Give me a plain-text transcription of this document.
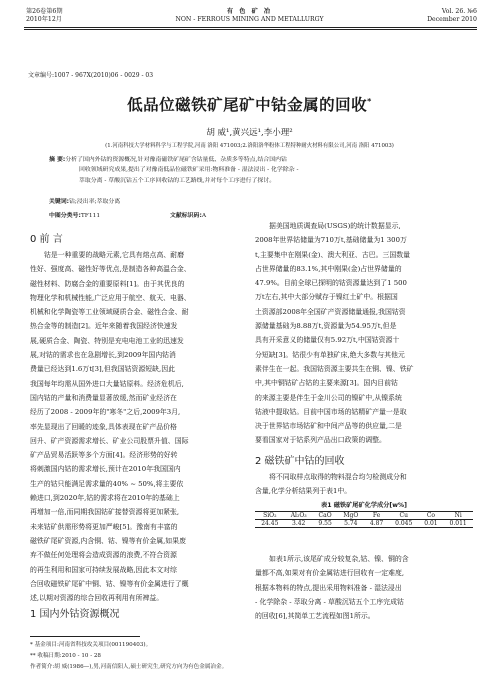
第26卷第6期
2010年12月
有 色 矿 冶
NON - FERROUS MINING AND METALLURGY
Vol. 26. №6
December 2010
文章编号:1007 - 967X(2010)06 - 0029 - 03
低品位磁铁矿尾矿中钴金属的回收*
胡 威¹,黄兴远¹,李小理²
(1.河南科技大学材料科学与工程学院,河南 洛阳 471003;2.洛阳洛华粉体工程特种耐火材料有限公司,河南 洛阳 471003)
摘 要:分析了国内外钴的资源概况,针对豫南磁铁矿尾矿含钴量低、杂质多等特点,结合国内钴
回收领域研究成果,提出了对豫南低品位磁铁矿采用:物料准备 - 湿法浸出 - 化学除杂 -
萃取分离 - 草酸沉钴五个工序回收钴的工艺路线,并对每个工序进行了探讨。
关键词:钴;浸出率;萃取分离
中图分类号:TF111	文献标识码:A
0 前 言
钴是一种重要的战略元素,它具有熔点高、耐磨
性好、强度高、磁性好等优点,是制造各种高温合金、
磁性材料、防腐合金的重要原料[1]。由于其优良的
物理化学和机械性能,广泛应用于航空、航天、电器、
机械和化学陶瓷等工业领域硬质合金、磁性合金、耐
热合金等的制造[2]。近年来随着我国经济快速发
展,硬质合金、陶瓷、特别是充电电池工业的迅速发
展,对钴的需求也在急剧增长,到2009年国内钴消
费量已经达到1.6万t[3],但我国钴资源短缺,因此
我国每年均需从国外进口大量钴原料。经济危机后,
国内钴的产量和消费量显著放缓,然而矿业经济在
经历了2008 - 2009年的"寒冬"之后,2009年3月,
率先显现出了回暖的迹象,具体表现在矿产品价格
回升、矿产资源需求增长、矿业公司股票升值、国际
矿产品贸易活跃等多个方面[4]。经济形势的好转
将刺激国内钴的需求增长,预计在2010年我国国内
生产的钴只能满足需求量的40% ~ 50%,将主要依
赖进口,到2020年,钴的需求将在2010年的基础上
再增加一倍,而同期我国钴矿接替资源将更加紧张,
未来钴矿供需形势将更加严峻[5]。豫南有丰富的
磁铁矿尾矿资源,内含铜、钴、镍等有价金属,如果废
弃不做任何处理将会造成资源的浪费,不符合资源
的再生利用和国家可持续发展战略,因此本文对综
合回收磁铁矿尾矿中铜、钴、镍等有价金属进行了概
述,以期对资源的综合回收再利用有所裨益。
1 国内外钴资源概况
据美国地质调查局(USGS)的统计数据显示,
2008年世界钴储量为710万t,基础储量为1 300万
t,主要集中在刚果(金)、澳大利亚、古巴。三国数量
占世界储量的83.1%,其中刚果(金)占世界储量的
47.9%。目前全球已探明的钴资源量达到了1 500
万t左右,其中大部分赋存于镍红土矿中。根据国
土资源部2008年全国矿产资源储量通报,我国钴资
源储量基础为8.88万t,资源量为54.95万t,但是
具有开采意义的储量仅有5.92万t,中国钴资源十
分短缺[3]。钴很少有单独矿床,绝大多数与其他元
素伴生在一起。我国钴资源主要共生在铜、镍、铁矿
中,其中铜钴矿占钴的主要来源[3]。国内目前钴
的来源主要是伴生于金川公司的镍矿中,从镍系统
钴液中提取钴。目前中国市场的钴精矿产量一是取
决于世界钴市场钴矿和中间产品等的供应量,二是
要看国家对于钴系列产品出口政策的调整。
2 磁铁矿中钴的回收
将不同取样点取得的物料混合均匀检测成分和
含量,化学分析结果列于表1中。
表1 磁铁矿尾矿化学成分[w%]
SiO₂	Al₂O₃	CaO	MgO	Fe	Cu	Co	Ni
24.45	3.42	9.55	5.74	4.87	0.045	0.01	0.011
如表1所示,该尾矿成分较复杂,钴、镍、铜的含
量都不高,如果对有价金属钴进行回收有一定难度,
根据本物料的特点,提出采用物料准备 - 湿法浸出
- 化学除杂 - 萃取分离 - 草酸沉钴五个工序完成钴
的回收[6],其简单工艺流程如图1所示。
* 基金项目:河南省科技攻关项目(001190403)。
** 收稿日期:2010 - 10 - 28
作者简介:胡 威(1986—),男,河南信阳人,硕士研究生,研究方向为有色金属冶金。
